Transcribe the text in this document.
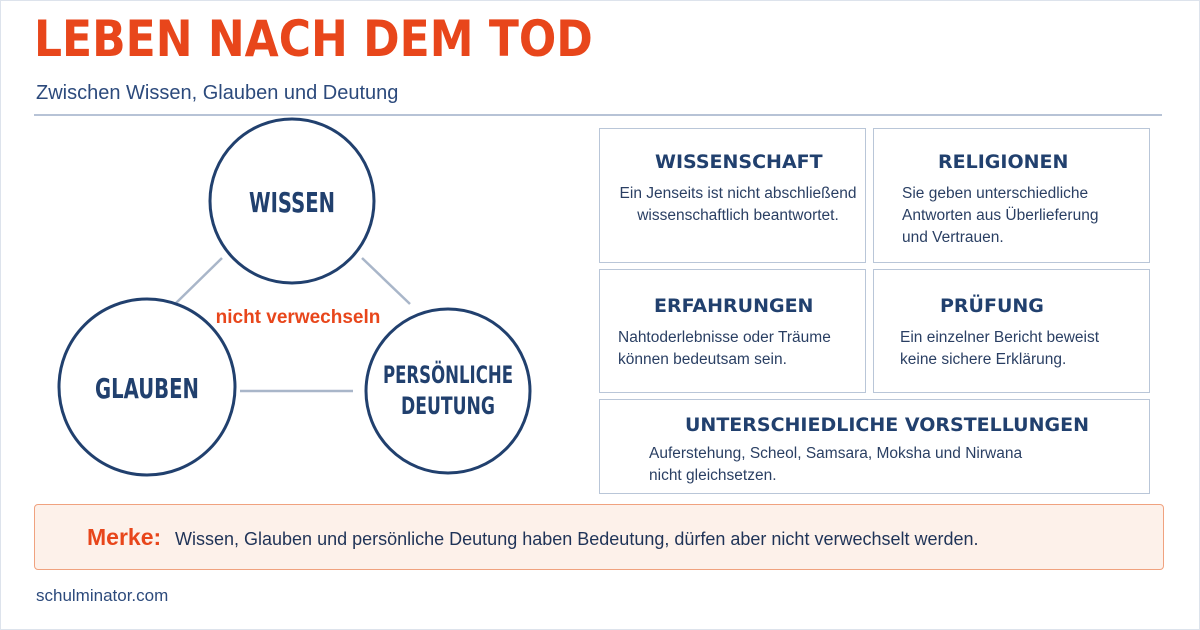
LEBEN NACH DEM TOD
Zwischen Wissen, Glauben und Deutung
WISSEN
GLAUBEN	PERSÖNLICHE
DEUTUNG
nicht verwechseln
WISSENSCHAFT
Ein Jenseits ist nicht abschließend
wissenschaftlich beantwortet.
RELIGIONEN
Sie geben unterschiedliche
Antworten aus Überlieferung
und Vertrauen.
ERFAHRUNGEN
Nahtoderlebnisse oder Träume
können bedeutsam sein.
PRÜFUNG
Ein einzelner Bericht beweist
keine sichere Erklärung.
UNTERSCHIEDLICHE VORSTELLUNGEN
Auferstehung, Scheol, Samsara, Moksha und Nirwana
nicht gleichsetzen.
Merke: Wissen, Glauben und persönliche Deutung haben Bedeutung, dürfen aber nicht verwechselt werden.
schulminator.com
